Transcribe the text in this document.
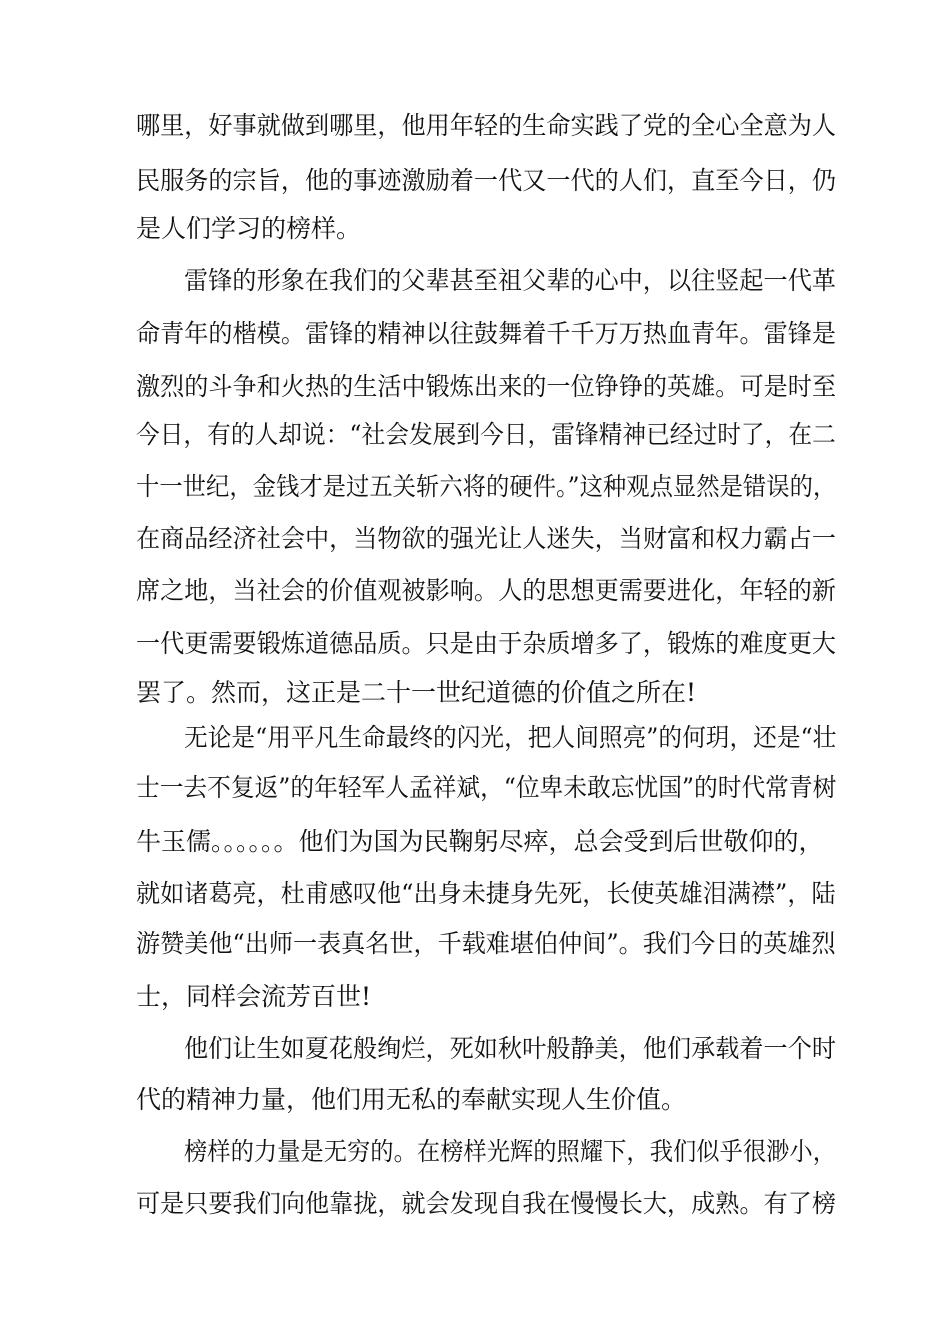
哪里，好事就做到哪里，他用年轻的生命实践了党的全心全意为人

民服务的宗旨，他的事迹激励着一代又一代的人们，直至今日，仍

是人们学习的榜样。

雷锋的形象在我们的父辈甚至祖父辈的心中，以往竖起一代革

命青年的楷模。雷锋的精神以往鼓舞着千千万万热血青年。雷锋是

激烈的斗争和火热的生活中锻炼出来的一位铮铮的英雄。可是时至

今日，有的人却说：“社会发展到今日，雷锋精神已经过时了，在二

十一世纪，金钱才是过五关斩六将的硬件。”这种观点显然是错误的，

在商品经济社会中，当物欲的强光让人迷失，当财富和权力霸占一

席之地，当社会的价值观被影响。人的思想更需要进化，年轻的新

一代更需要锻炼道德品质。只是由于杂质增多了，锻炼的难度更大

罢了。然而，这正是二十一世纪道德的价值之所在!

无论是“用平凡生命最终的闪光，把人间照亮”的何玥，还是“壮

士一去不复返”的年轻军人孟祥斌，“位卑未敢忘忧国”的时代常青树

牛玉儒。。。。。。他们为国为民鞠躬尽瘁，总会受到后世敬仰的，

就如诸葛亮，杜甫感叹他“出身未捷身先死，长使英雄泪满襟”，陆

游赞美他“出师一表真名世，千载难堪伯仲间”。我们今日的英雄烈

士，同样会流芳百世!

他们让生如夏花般绚烂，死如秋叶般静美，他们承载着一个时

代的精神力量，他们用无私的奉献实现人生价值。

榜样的力量是无穷的。在榜样光辉的照耀下，我们似乎很渺小，

可是只要我们向他靠拢，就会发现自我在慢慢长大，成熟。有了榜
